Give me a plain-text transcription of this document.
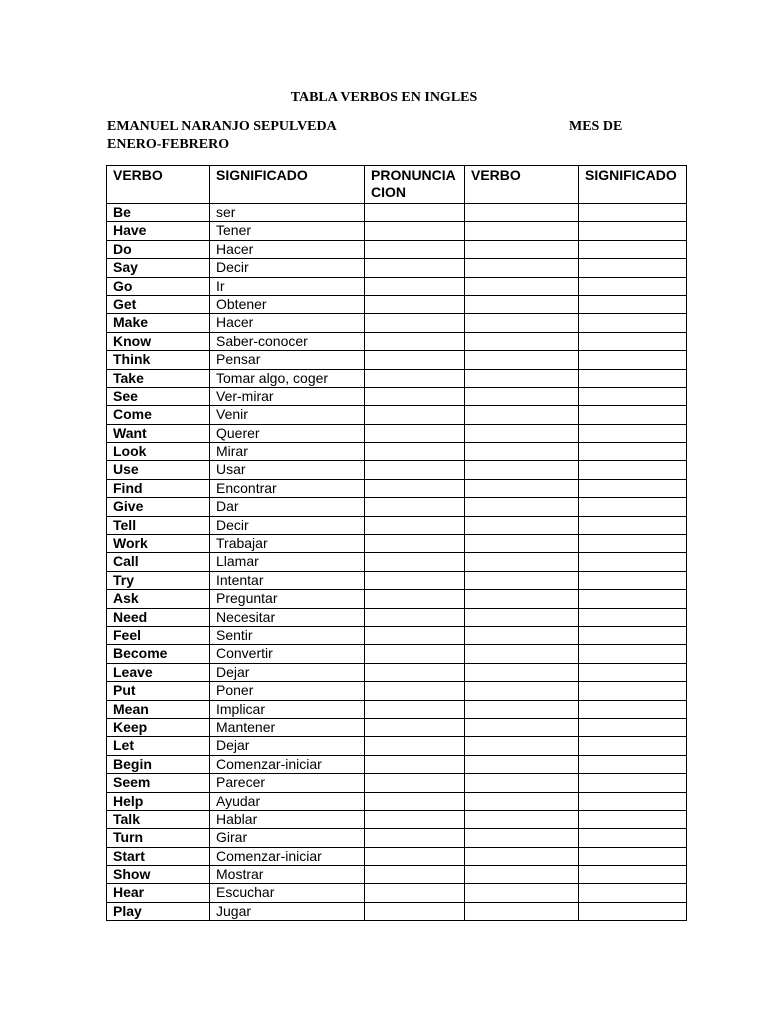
TABLA VERBOS EN INGLES
EMANUEL NARANJO SEPULVEDA	MES DE
ENERO-FEBRERO
VERBO	SIGNIFICADO	PRONUNCIACION	VERBO	SIGNIFICADO
Be	ser			
Have	Tener			
Do	Hacer			
Say	Decir			
Go	Ir			
Get	Obtener			
Make	Hacer			
Know	Saber-conocer			
Think	Pensar			
Take	Tomar algo, coger			
See	Ver-mirar			
Come	Venir			
Want	Querer			
Look	Mirar			
Use	Usar			
Find	Encontrar			
Give	Dar			
Tell	Decir			
Work	Trabajar			
Call	Llamar			
Try	Intentar			
Ask	Preguntar			
Need	Necesitar			
Feel	Sentir			
Become	Convertir			
Leave	Dejar			
Put	Poner			
Mean	Implicar			
Keep	Mantener			
Let	Dejar			
Begin	Comenzar-iniciar			
Seem	Parecer			
Help	Ayudar			
Talk	Hablar			
Turn	Girar			
Start	Comenzar-iniciar			
Show	Mostrar			
Hear	Escuchar			
Play	Jugar			
